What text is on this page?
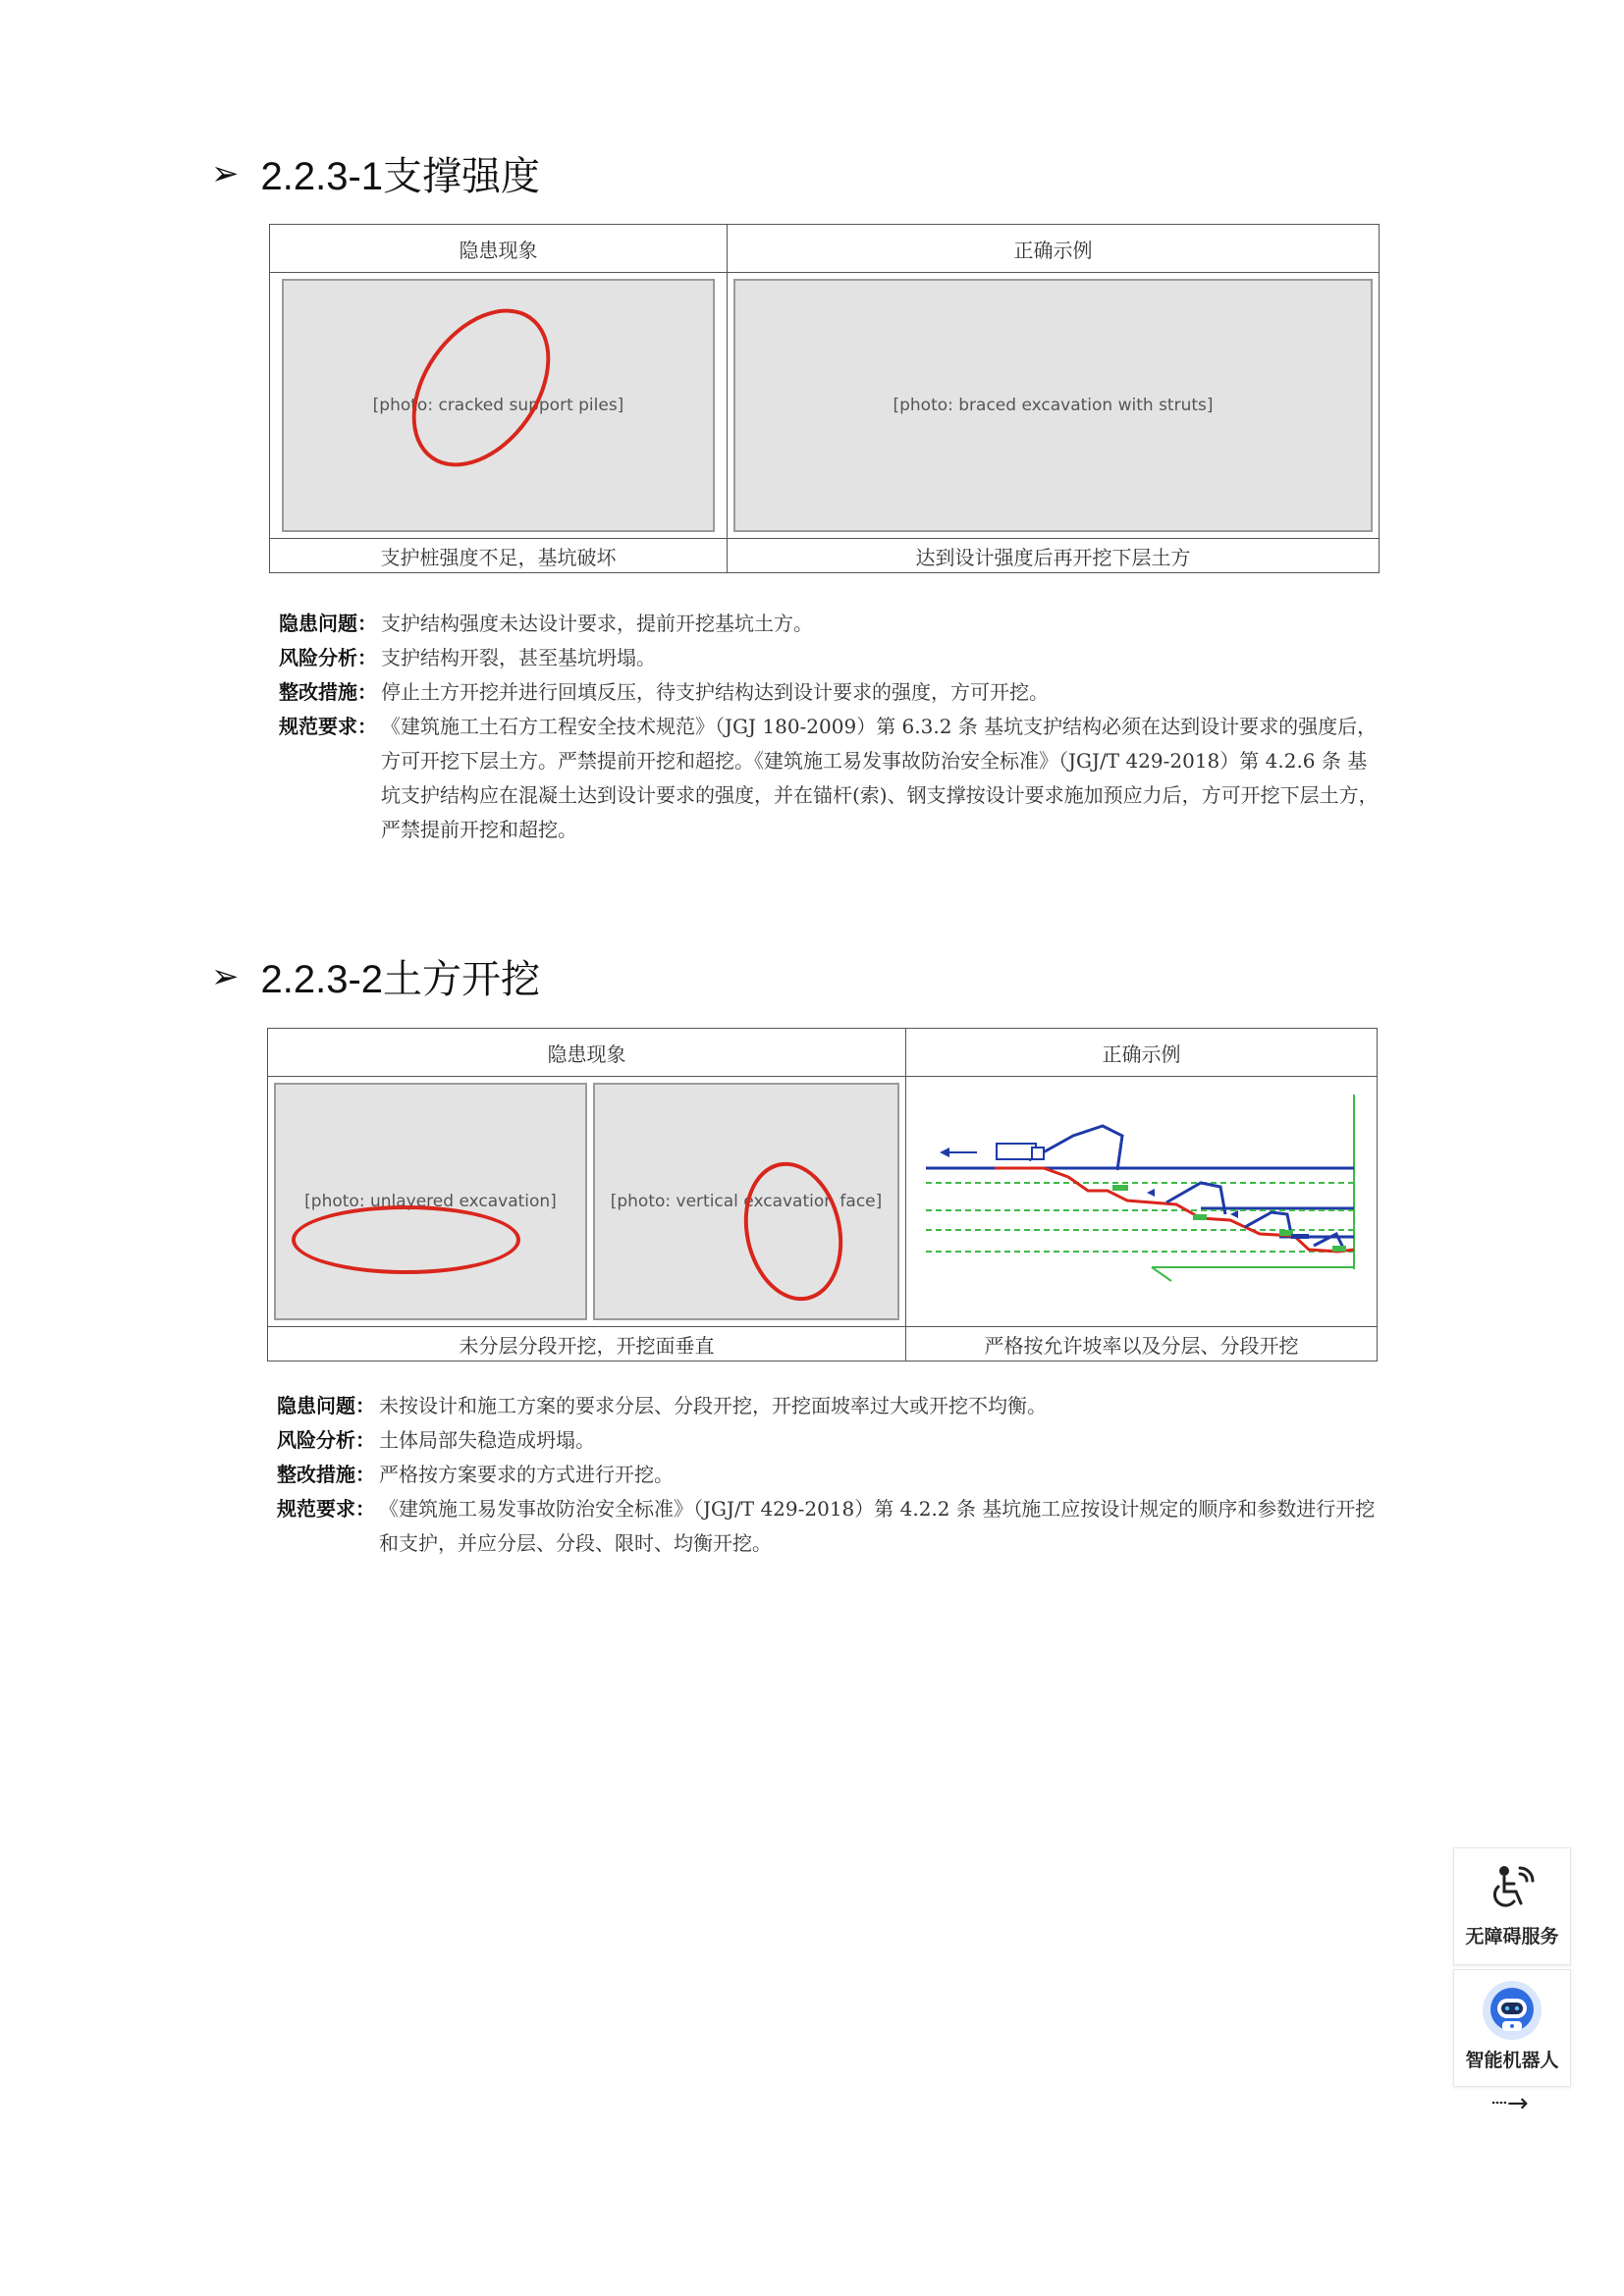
➢ 2.2.3-1支撑强度
隐患现象	正确示例

[photo: cracked support piles]	[photo: braced excavation with struts]

支护桩强度不足，基坑破坏	达到设计强度后再开挖下层土方
隐患问题： 支护结构强度未达设计要求，提前开挖基坑土方。
风险分析： 支护结构开裂，甚至基坑坍塌。
整改措施： 停止土方开挖并进行回填反压，待支护结构达到设计要求的强度，方可开挖。
规范要求： 《建筑施工土石方工程安全技术规范》（JGJ 180-2009）第 6.3.2 条 基坑支护结构必须在达到设计要求的强度后，方可开挖下层土方。严禁提前开挖和超挖。《建筑施工易发事故防治安全标准》（JGJ/T 429-2018）第 4.2.6 条 基坑支护结构应在混凝土达到设计要求的强度，并在锚杆(索)、钢支撑按设计要求施加预应力后，方可开挖下层土方，严禁提前开挖和超挖。
➢ 2.2.3-2土方开挖
隐患现象	正确示例

[photo: unlayered excavation] [photo: vertical excavation face]

未分层分段开挖，开挖面垂直	严格按允许坡率以及分层、分段开挖
隐患问题： 未按设计和施工方案的要求分层、分段开挖，开挖面坡率过大或开挖不均衡。
风险分析： 土体局部失稳造成坍塌。
整改措施： 严格按方案要求的方式进行开挖。
规范要求： 《建筑施工易发事故防治安全标准》（JGJ/T 429-2018）第 4.2.2 条 基坑施工应按设计规定的顺序和参数进行开挖和支护，并应分层、分段、限时、均衡开挖。
无障碍服务
智能机器人
┈→
